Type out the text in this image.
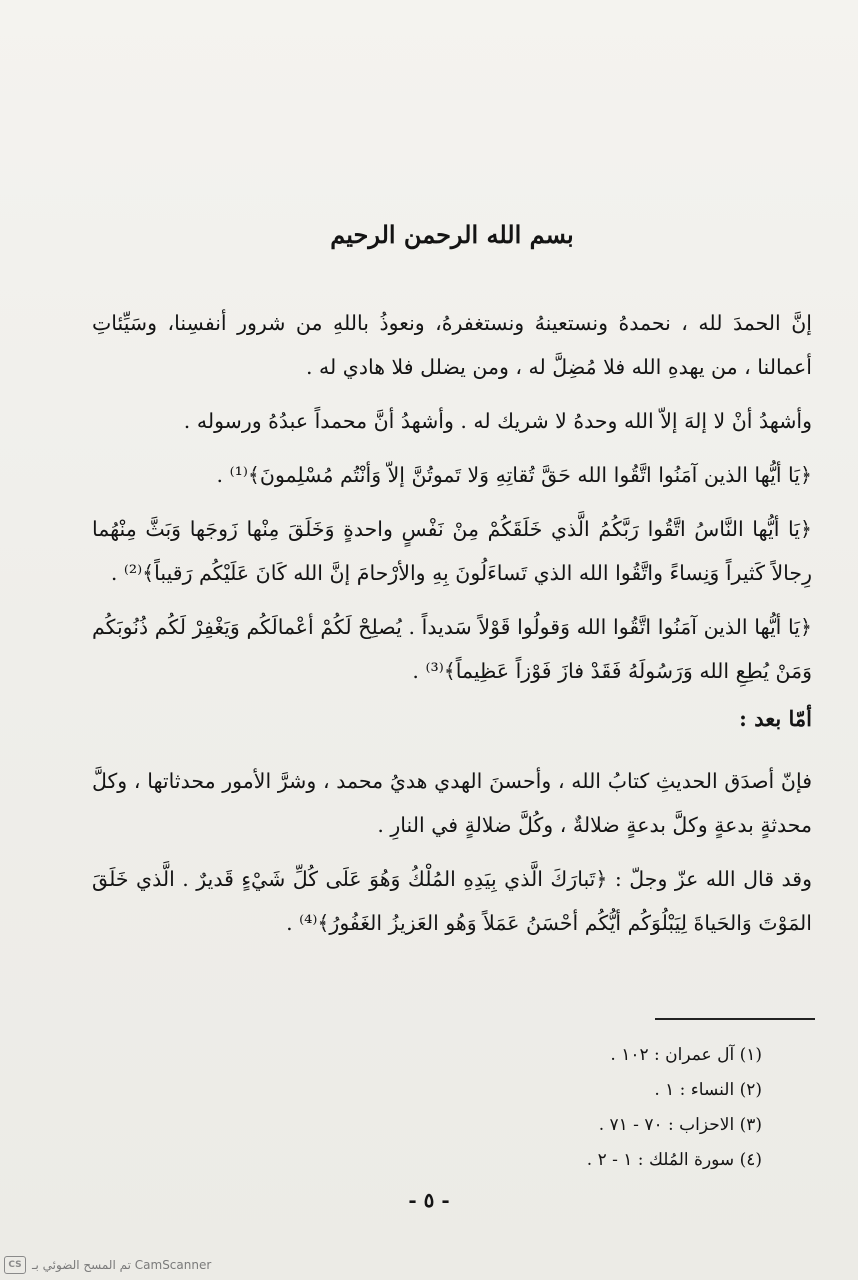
بسم الله الرحمن الرحيم

إنَّ الحمدَ لله ، نحمدهُ ونستعينهُ ونستغفرهُ، ونعوذُ باللهِ من شرور أنفسِنا، وسَيِّئاتِ أعمالنا ، من يهدهِ الله فلا مُضِلَّ له ، ومن يضلل فلا هادي له .

وأشهدُ أنْ لا إلهَ إلاّ الله وحدهُ لا شريك له . وأشهدُ أنَّ محمداً عبدُهُ ورسوله .

﴿يَا أيُّها الذين آمَنُوا اتَّقُوا الله حَقَّ تُقاتِهِ وَلا تَموتُنَّ إلاّ وَأنْتُم مُسْلِمونَ﴾⁽¹⁾ .

﴿يَا أيُّها النَّاسُ اتَّقُوا رَبَّكُمُ الَّذي خَلَقَكُمْ مِنْ نَفْسٍ واحدةٍ وَخَلَقَ مِنْها زَوجَها وَبَثَّ مِنْهُما رِجالاً كَثيراً وَنِساءً واتَّقُوا الله الذي تَساءَلُونَ بِهِ والأرْحامَ إنَّ الله كَانَ عَلَيْكُم رَقيباً﴾⁽²⁾ .

﴿يَا أيُّها الذين آمَنُوا اتَّقُوا الله وَقولُوا قَوْلاً سَديداً . يُصلِحْ لَكُمْ أعْمالَكُم وَيَغْفِرْ لَكُم ذُنُوبَكُم وَمَنْ يُطِعِ الله وَرَسُولَهُ فَقَدْ فازَ فَوْزاً عَظِيماً﴾⁽³⁾ .

أمّا بعد :

فإنّ أصدَق الحديثِ كتابُ الله ، وأحسنَ الهدي هديُ محمد ، وشرَّ الأمور محدثاتها ، وكلَّ محدثةٍ بدعةٍ وكلَّ بدعةٍ ضلالةٌ ، وكُلَّ ضلالةٍ في النارِ .

وقد قال الله عزّ وجلّ : ﴿تَبارَكَ الَّذي بِيَدِهِ المُلْكُ وَهُوَ عَلَى كُلِّ شَيْءٍ قَديرٌ . الَّذي خَلَقَ المَوْتَ وَالحَياةَ لِيَبْلُوَكُم أيُّكُم أحْسَنُ عَمَلاً وَهُو العَزيزُ الغَفُورُ﴾⁽⁴⁾ .

(١) آل عمران : ١٠٢ .

(٢) النساء : ١ .

(٣) الاحزاب : ٧٠ - ٧١ .

(٤) سورة المُلك : ١ - ٢ .

- ٥ -
CS تم المسح الضوئي بـ CamScanner
